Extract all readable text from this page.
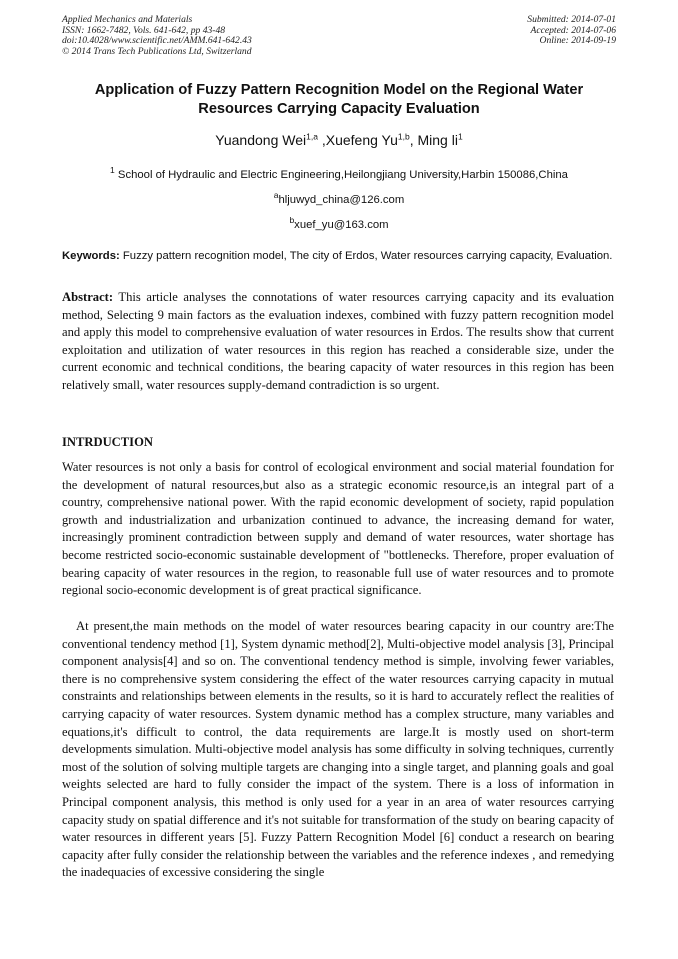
Applied Mechanics and Materials
ISSN: 1662-7482, Vols. 641-642, pp 43-48
doi:10.4028/www.scientific.net/AMM.641-642.43
© 2014 Trans Tech Publications Ltd, Switzerland
Submitted: 2014-07-01
Accepted: 2014-07-06
Online: 2014-09-19
Application of Fuzzy Pattern Recognition Model on the Regional Water
Resources Carrying Capacity Evaluation
Yuandong Wei$^{1,a}$ ,Xuefeng Yu$^{1,b}$, Ming $li^1$
$^1$ School of Hydraulic and Electric Engineering,Heilongjiang University,Harbin 150086,China
$^a$hljuwyd_china@126.com
$^b$xuef_yu@163.com
Keywords: Fuzzy pattern recognition model, The city of Erdos, Water resources carrying capacity, Evaluation.
Abstract: This article analyses the connotations of water resources carrying capacity and its evaluation method, Selecting 9 main factors as the evaluation indexes, combined with fuzzy pattern recognition model and apply this model to comprehensive evaluation of water resources in Erdos. The results show that current exploitation and utilization of water resources in this region has reached a considerable size, under the current economic and technical conditions, the bearing capacity of water resources in this region has been relatively small, water resources supply-demand contradiction is so urgent.
INTRDUCTION
Water resources is not only a basis for control of ecological environment and social material foundation for the development of natural resources,but also as a strategic economic resource,is an integral part of a country, comprehensive national power. With the rapid economic development of society, rapid population growth and industrialization and urbanization continued to advance, the increasing demand for water, increasingly prominent contradiction between supply and demand of water resources, water shortage has become restricted socio-economic sustainable development of "bottlenecks. Therefore, proper evaluation of bearing capacity of water resources in the region, to reasonable full use of water resources and to promote regional socio-economic development is of great practical significance.
At present,the main methods on the model of water resources bearing capacity in our country are:The conventional tendency method [1], System dynamic method[2], Multi-objective model analysis [3], Principal component analysis[4] and so on. The conventional tendency method is simple, involving fewer variables, there is no comprehensive system considering the effect of the water resources carrying capacity in mutual constraints and relationships between elements in the results, so it is hard to accurately reflect the realities of carrying capacity of water resources. System dynamic method has a complex structure, many variables and equations,it's difficult to control, the data requirements are large.It is mostly used on short-term developments simulation. Multi-objective model analysis has some difficulty in solving techniques, currently most of the solution of solving multiple targets are changing into a single target, and planning goals and goal weights selected are hard to fully consider the impact of the system. There is a loss of information in Principal component analysis, this method is only used for a year in an area of water resources carrying capacity study on spatial difference and it's not suitable for transformation of the study on bearing capacity of water resources in different years [5]. Fuzzy Pattern Recognition Model [6] conduct a research on bearing capacity after fully consider the relationship between the variables and the reference indexes , and remedying the inadequacies of excessive considering the single
